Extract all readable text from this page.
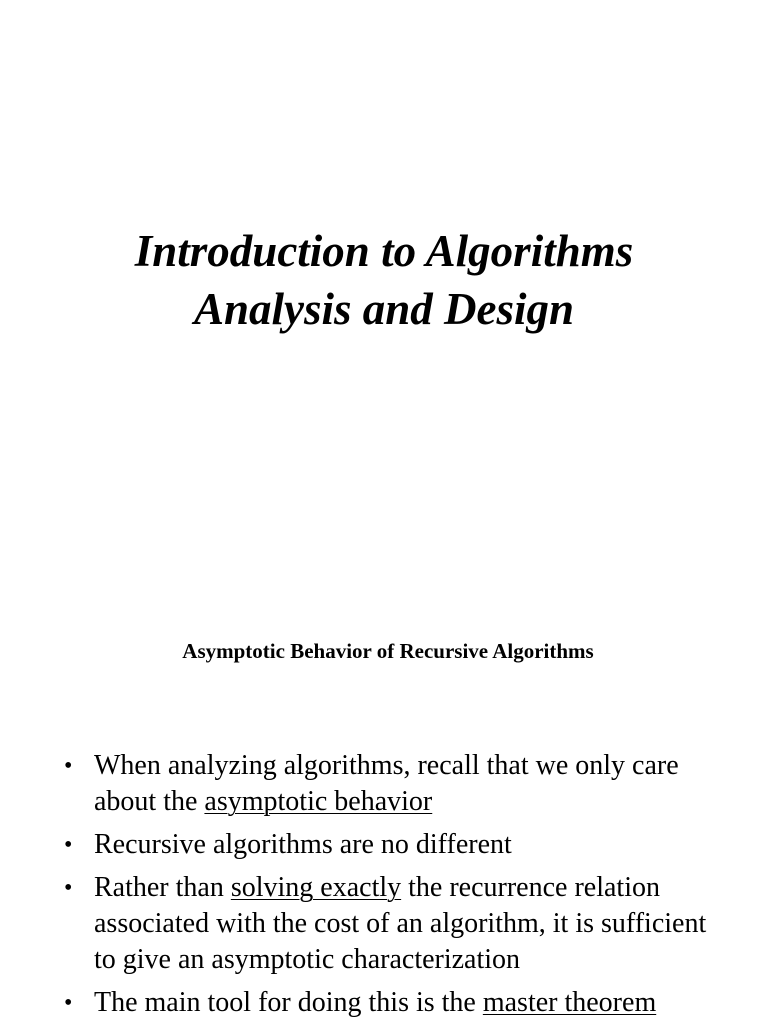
Introduction to Algorithms
Analysis and Design
Asymptotic Behavior of Recursive Algorithms
• When analyzing algorithms, recall that we only care about the asymptotic behavior
• Recursive algorithms are no different
• Rather than solving exactly the recurrence relation associated with the cost of an algorithm, it is sufficient to give an asymptotic characterization
• The main tool for doing this is the master theorem
